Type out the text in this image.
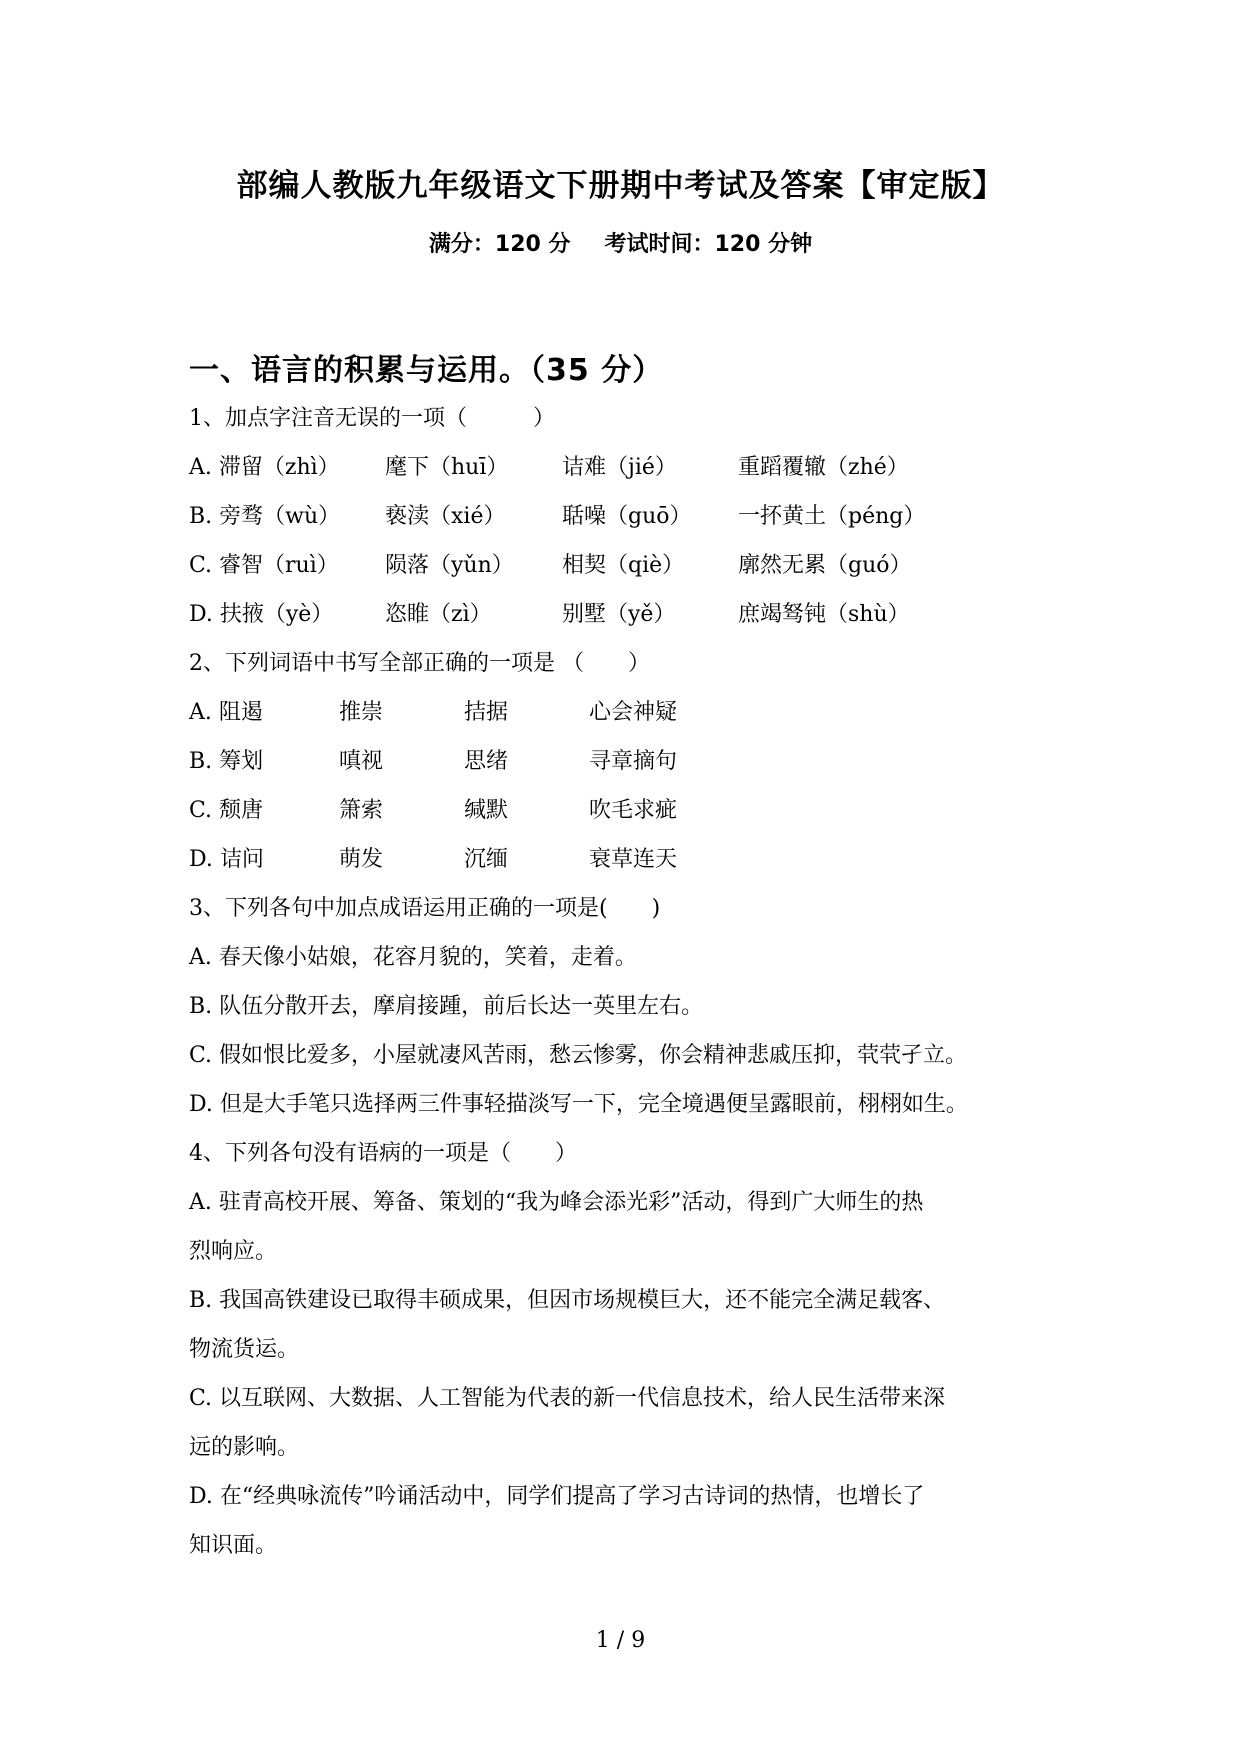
部编人教版九年级语文下册期中考试及答案【审定版】
满分：120 分 考试时间：120 分钟
一、语言的积累与运用。（35 分）
1、加点字注音无误的一项（　　　）
A. 滞留（zhì） 麾下（huī） 诘难（jié）	重蹈覆辙（zhé）
B. 旁骛（wù） 亵渎（xié）	聒噪（guō） 一抔黄土（péng）
C. 睿智（ruì） 陨落（yǔn） 相契（qiè） 廓然无累（guó）
D. 扶掖（yè） 恣睢（zì）	别墅（yě）	庶竭驽钝（shù）
2、下列词语中书写全部正确的一项是 （　　）
A. 阻遏	推崇	拮据	心会神疑
B. 筹划	嗔视	思绪	寻章摘句
C. 颓唐	箫索	缄默	吹毛求疵
D. 诘问	萌发	沉缅	衰草连天
3、下列各句中加点成语运用正确的一项是(　　)
A. 春天像小姑娘，花容月貌的，笑着，走着。
B. 队伍分散开去，摩肩接踵，前后长达一英里左右。
C. 假如恨比爱多，小屋就凄风苦雨，愁云惨雾，你会精神悲戚压抑，茕茕孑立。
D. 但是大手笔只选择两三件事轻描淡写一下，完全境遇便呈露眼前，栩栩如生。
4、下列各句没有语病的一项是（　　）
A. 驻青高校开展、筹备、策划的“我为峰会添光彩”活动，得到广大师生的热
烈响应。
B. 我国高铁建设已取得丰硕成果，但因市场规模巨大，还不能完全满足载客、
物流货运。
C. 以互联网、大数据、人工智能为代表的新一代信息技术，给人民生活带来深
远的影响。
D. 在“经典咏流传”吟诵活动中，同学们提高了学习古诗词的热情，也增长了
知识面。
1 / 9
